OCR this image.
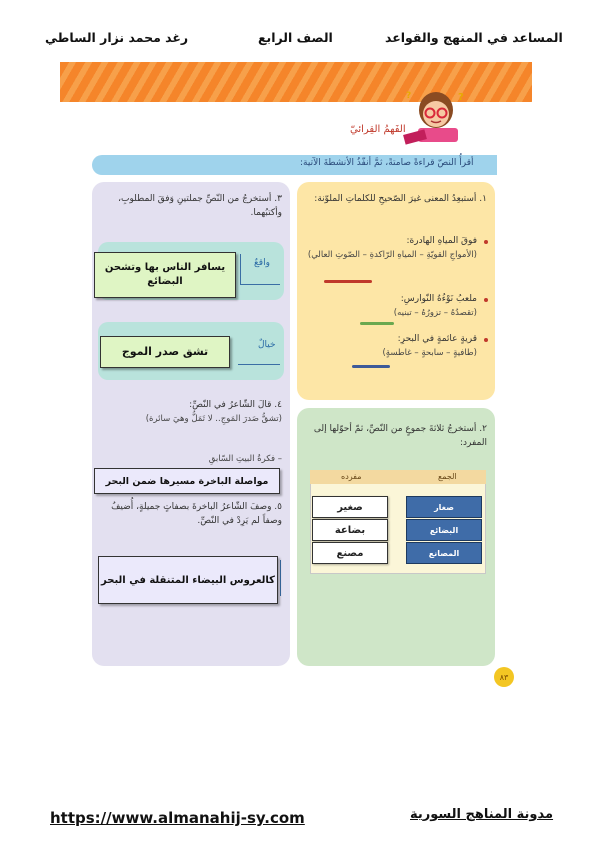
المساعد في المنهج والقواعد
الصف الرابع
رغد محمد نزار الساطي
?
?
الفَهمُ القِرائيّ
أقرأُ النصّ قراءةً صامتةً، ثمَّ أنفّذُ الأنشطةَ الآتية:
١. أستبعِدُ المعنى غيرَ الصّحيحِ للكلماتِ الملوّنة:
فوقَ المياهِ الهادرة:
(الأمواجِ القويّةِ – المياهِ الرّاكدةِ – الصّوتِ العالي)
ملعبُ نَوْءُهُ النّوارسِ:
(تقصدُهُ – تزورُهُ – تبنيه)
قريةٍ عائمةٍ في البحرِ:
(طافيةٍ – سابحةٍ – غاطسةٍ)
٢. أستخرجُ ثلاثةَ جموعٍ من النّصِّ، ثمّ أحوّلها إلى المفرد:
الجمع
مفرده
صغار
صغير
البضائع
بضاعة
المصانع
مصنع
٣. أستخرجُ من النّصِّ جملتينِ وَفقَ المطلوبِ، وأكتبُهما.
واقعٌ
يسافر الناس بها وتشحن البضائع
خيالٌ
تشق صدر الموج
٤. قالَ الشّاعرُ في النّصِّ:
(تشقُّ صَدرَ المَوجِ.. لا تَمَلُّ وهيَ سائرة)
– فكرةُ البيتِ السّابقِ
مواصلة الباخرة مسيرها ضمن البحر
٥. وصفَ الشّاعرُ الباخرةَ بصفاتٍ جميلةٍ، أُضيفُ وصفاً لم يَرِدْ في النّصِّ.
كالعروس البيضاء المتنقلة في البحر
٨٣
https://www.almanahij-sy.com	مدونة المناهج السورية
